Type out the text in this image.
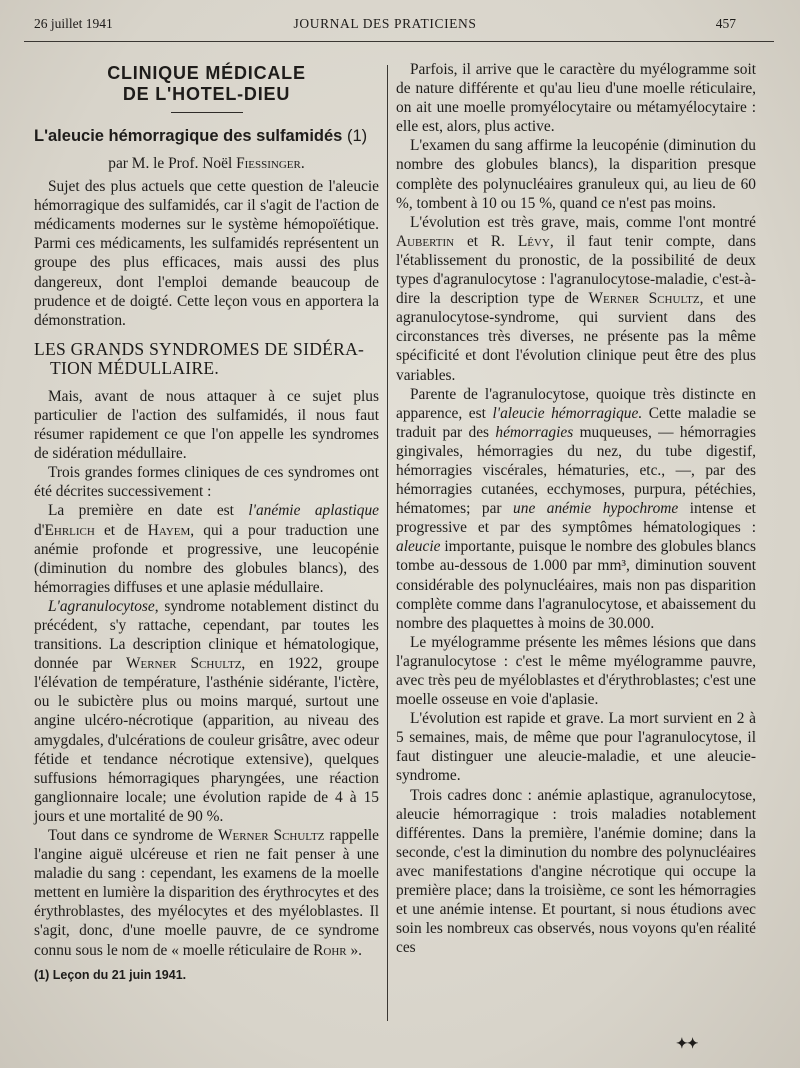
26 juillet 1941	JOURNAL DES PRATICIENS	457
CLINIQUE MÉDICALE
DE L'HOTEL-DIEU
L'aleucie hémorragique des sulfamidés (1)
par M. le Prof. Noël Fiessinger.

Sujet des plus actuels que cette question de l'aleucie hémorragique des sulfamidés, car il s'agit de l'action de médicaments modernes sur le système hémopoïétique. Parmi ces médicaments, les sulfamidés représentent un groupe des plus efficaces, mais aussi des plus dangereux, dont l'emploi demande beaucoup de prudence et de doigté. Cette leçon vous en apportera la démonstration.

LES GRANDS SYNDROMES DE SIDÉRA-
TION MÉDULLAIRE.

Mais, avant de nous attaquer à ce sujet plus particulier de l'action des sulfamidés, il nous faut résumer rapidement ce que l'on appelle les syndromes de sidération médullaire.

Trois grandes formes cliniques de ces syndromes ont été décrites successivement :

La première en date est l'anémie aplastique d'Ehrlich et de Hayem, qui a pour traduction une anémie profonde et progressive, une leucopénie (diminution du nombre des globules blancs), des hémorragies diffuses et une aplasie médullaire.

L'agranulocytose, syndrome notablement distinct du précédent, s'y rattache, cependant, par toutes les transitions. La description clinique et hématologique, donnée par Werner Schultz, en 1922, groupe l'élévation de température, l'asthénie sidérante, l'ictère, ou le subictère plus ou moins marqué, surtout une angine ulcéro-nécrotique (apparition, au niveau des amygdales, d'ulcérations de couleur grisâtre, avec odeur fétide et tendance nécrotique extensive), quelques suffusions hémorragiques pharyngées, une réaction ganglionnaire locale; une évolution rapide de 4 à 15 jours et une mortalité de 90 %.

Tout dans ce syndrome de Werner Schultz rappelle l'angine aiguë ulcéreuse et rien ne fait penser à une maladie du sang : cependant, les examens de la moelle mettent en lumière la disparition des érythrocytes et des érythroblastes, des myélocytes et des myéloblastes. Il s'agit, donc, d'une moelle pauvre, de ce syndrome connu sous le nom de « moelle réticulaire de Rohr ».

(1) Leçon du 21 juin 1941.

Parfois, il arrive que le caractère du myélogramme soit de nature différente et qu'au lieu d'une moelle réticulaire, on ait une moelle promyélocytaire ou métamyélocytaire : elle est, alors, plus active.

L'examen du sang affirme la leucopénie (diminution du nombre des globules blancs), la disparition presque complète des polynucléaires granuleux qui, au lieu de 60 %, tombent à 10 ou 15 %, quand ce n'est pas moins.

L'évolution est très grave, mais, comme l'ont montré Aubertin et R. Lévy, il faut tenir compte, dans l'établissement du pronostic, de la possibilité de deux types d'agranulocytose : l'agranulocytose-maladie, c'est-à-dire la description type de Werner Schultz, et une agranulocytose-syndrome, qui survient dans des circonstances très diverses, ne présente pas la même spécificité et dont l'évolution clinique peut être des plus variables.

Parente de l'agranulocytose, quoique très distincte en apparence, est l'aleucie hémorragique. Cette maladie se traduit par des hémorragies muqueuses, — hémorragies gingivales, hémorragies du nez, du tube digestif, hémorragies viscérales, hématuries, etc., —, par des hémorragies cutanées, ecchymoses, purpura, pétéchies, hématomes; par une anémie hypochrome intense et progressive et par des symptômes hématologiques : aleucie importante, puisque le nombre des globules blancs tombe au-dessous de 1.000 par mm³, diminution souvent considérable des polynucléaires, mais non pas disparition complète comme dans l'agranulocytose, et abaissement du nombre des plaquettes à moins de 30.000.

Le myélogramme présente les mêmes lésions que dans l'agranulocytose : c'est le même myélogramme pauvre, avec très peu de myéloblastes et d'érythroblastes; c'est une moelle osseuse en voie d'aplasie.

L'évolution est rapide et grave. La mort survient en 2 à 5 semaines, mais, de même que pour l'agranulocytose, il faut distinguer une aleucie-maladie, et une aleucie-syndrome.

Trois cadres donc : anémie aplastique, agranulocytose, aleucie hémorragique : trois maladies notablement différentes. Dans la première, l'anémie domine; dans la seconde, c'est la diminution du nombre des polynucléaires avec manifestations d'angine nécrotique qui occupe la première place; dans la troisième, ce sont les hémorragies et une anémie intense. Et pourtant, si nous étudions avec soin les nombreux cas observés, nous voyons qu'en réalité ces

✦✦
